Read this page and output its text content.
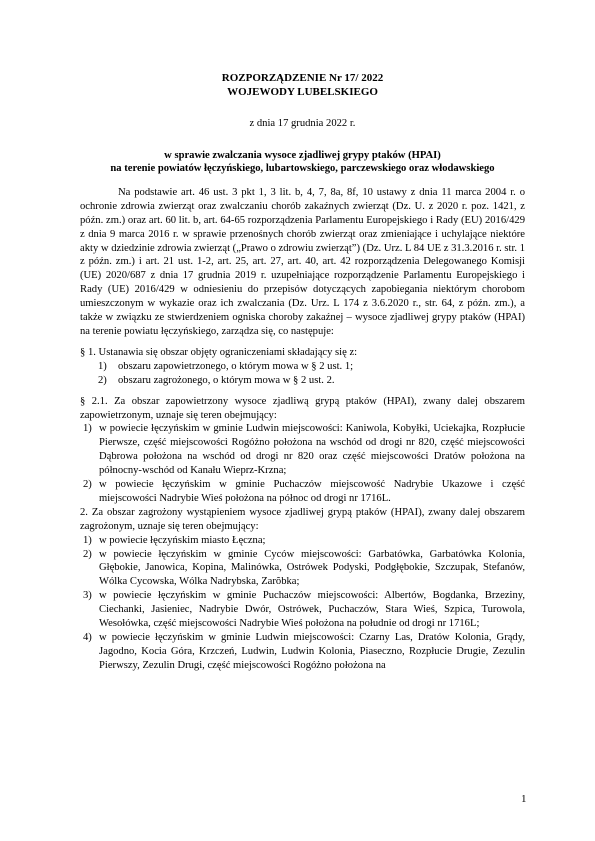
ROZPORZĄDZENIE Nr 17/ 2022
WOJEWODY LUBELSKIEGO
z dnia 17 grudnia 2022 r.
w sprawie zwalczania wysoce zjadliwej grypy ptaków (HPAI)
na terenie powiatów łęczyńskiego, lubartowskiego, parczewskiego oraz włodawskiego
Na podstawie art. 46 ust. 3 pkt 1, 3 lit. b, 4, 7, 8a, 8f, 10 ustawy z dnia 11 marca 2004 r. o ochronie zdrowia zwierząt oraz zwalczaniu chorób zakaźnych zwierząt (Dz. U. z 2020 r. poz. 1421, z późn. zm.) oraz art. 60 lit. b, art. 64-65 rozporządzenia Parlamentu Europejskiego i Rady (EU) 2016/429 z dnia 9 marca 2016 r. w sprawie przenośnych chorób zwierząt oraz zmieniające i uchylające niektóre akty w dziedzinie zdrowia zwierząt („Prawo o zdrowiu zwierząt”) (Dz. Urz. L 84 UE z 31.3.2016 r. str. 1 z późn. zm.) i art. 21 ust. 1-2, art. 25, art. 27, art. 40, art. 42 rozporządzenia Delegowanego Komisji (UE) 2020/687 z dnia 17 grudnia 2019 r. uzupełniające rozporządzenie Parlamentu Europejskiego i Rady (UE) 2016/429 w odniesieniu do przepisów dotyczących zapobiegania niektórym chorobom umieszczonym w wykazie oraz ich zwalczania (Dz. Urz. L 174 z 3.6.2020 r., str. 64, z późn. zm.), a także w związku ze stwierdzeniem ogniska choroby zakaźnej – wysoce zjadliwej grypy ptaków (HPAI) na terenie powiatu łęczyńskiego, zarządza się, co następuje:
§ 1. Ustanawia się obszar objęty ograniczeniami składający się z:
1) obszaru zapowietrzonego, o którym mowa w § 2 ust. 1;
2) obszaru zagrożonego, o którym mowa w § 2 ust. 2.
§ 2.1. Za obszar zapowietrzony wysoce zjadliwą grypą ptaków (HPAI), zwany dalej obszarem zapowietrzonym, uznaje się teren obejmujący:
1) w powiecie łęczyńskim w gminie Ludwin miejscowości: Kaniwola, Kobyłki, Uciekajka, Rozpłucie Pierwsze, część miejscowości Rogóżno położona na wschód od drogi nr 820, część miejscowości Dąbrowa położona na wschód od drogi nr 820 oraz część miejscowości Dratów położona na północny-wschód od Kanału Wieprz-Krzna;
2) w powiecie łęczyńskim w gminie Puchaczów miejscowość Nadrybie Ukazowe i część miejscowości Nadrybie Wieś położona na północ od drogi nr 1716L.
2. Za obszar zagrożony wystąpieniem wysoce zjadliwej grypą ptaków (HPAI), zwany dalej obszarem zagrożonym, uznaje się teren obejmujący:
1) w powiecie łęczyńskim miasto Łęczna;
2) w powiecie łęczyńskim w gminie Cyców miejscowości: Garbatówka, Garbatówka Kolonia, Głębokie, Janowica, Kopina, Malinówka, Ostrówek Podyski, Podgłębokie, Szczupak, Stefanów, Wólka Cycowska, Wólka Nadrybska, Zarõbka;
3) w powiecie łęczyńskim w gminie Puchaczów miejscowości: Albertów, Bogdanka, Brzeziny, Ciechanki, Jasieniec, Nadrybie Dwór, Ostrówek, Puchaczów, Stara Wieś, Szpica, Turowola, Wesołówka, część miejscowości Nadrybie Wieś położona na południe od drogi nr 1716L;
4) w powiecie łęczyńskim w gminie Ludwin miejscowości: Czarny Las, Dratów Kolonia, Grądy, Jagodno, Kocia Góra, Krzczeń, Ludwin, Ludwin Kolonia, Piaseczno, Rozpłucie Drugie, Zezulin Pierwszy, Zezulin Drugi, część miejscowości Rogóżno położona na
1
